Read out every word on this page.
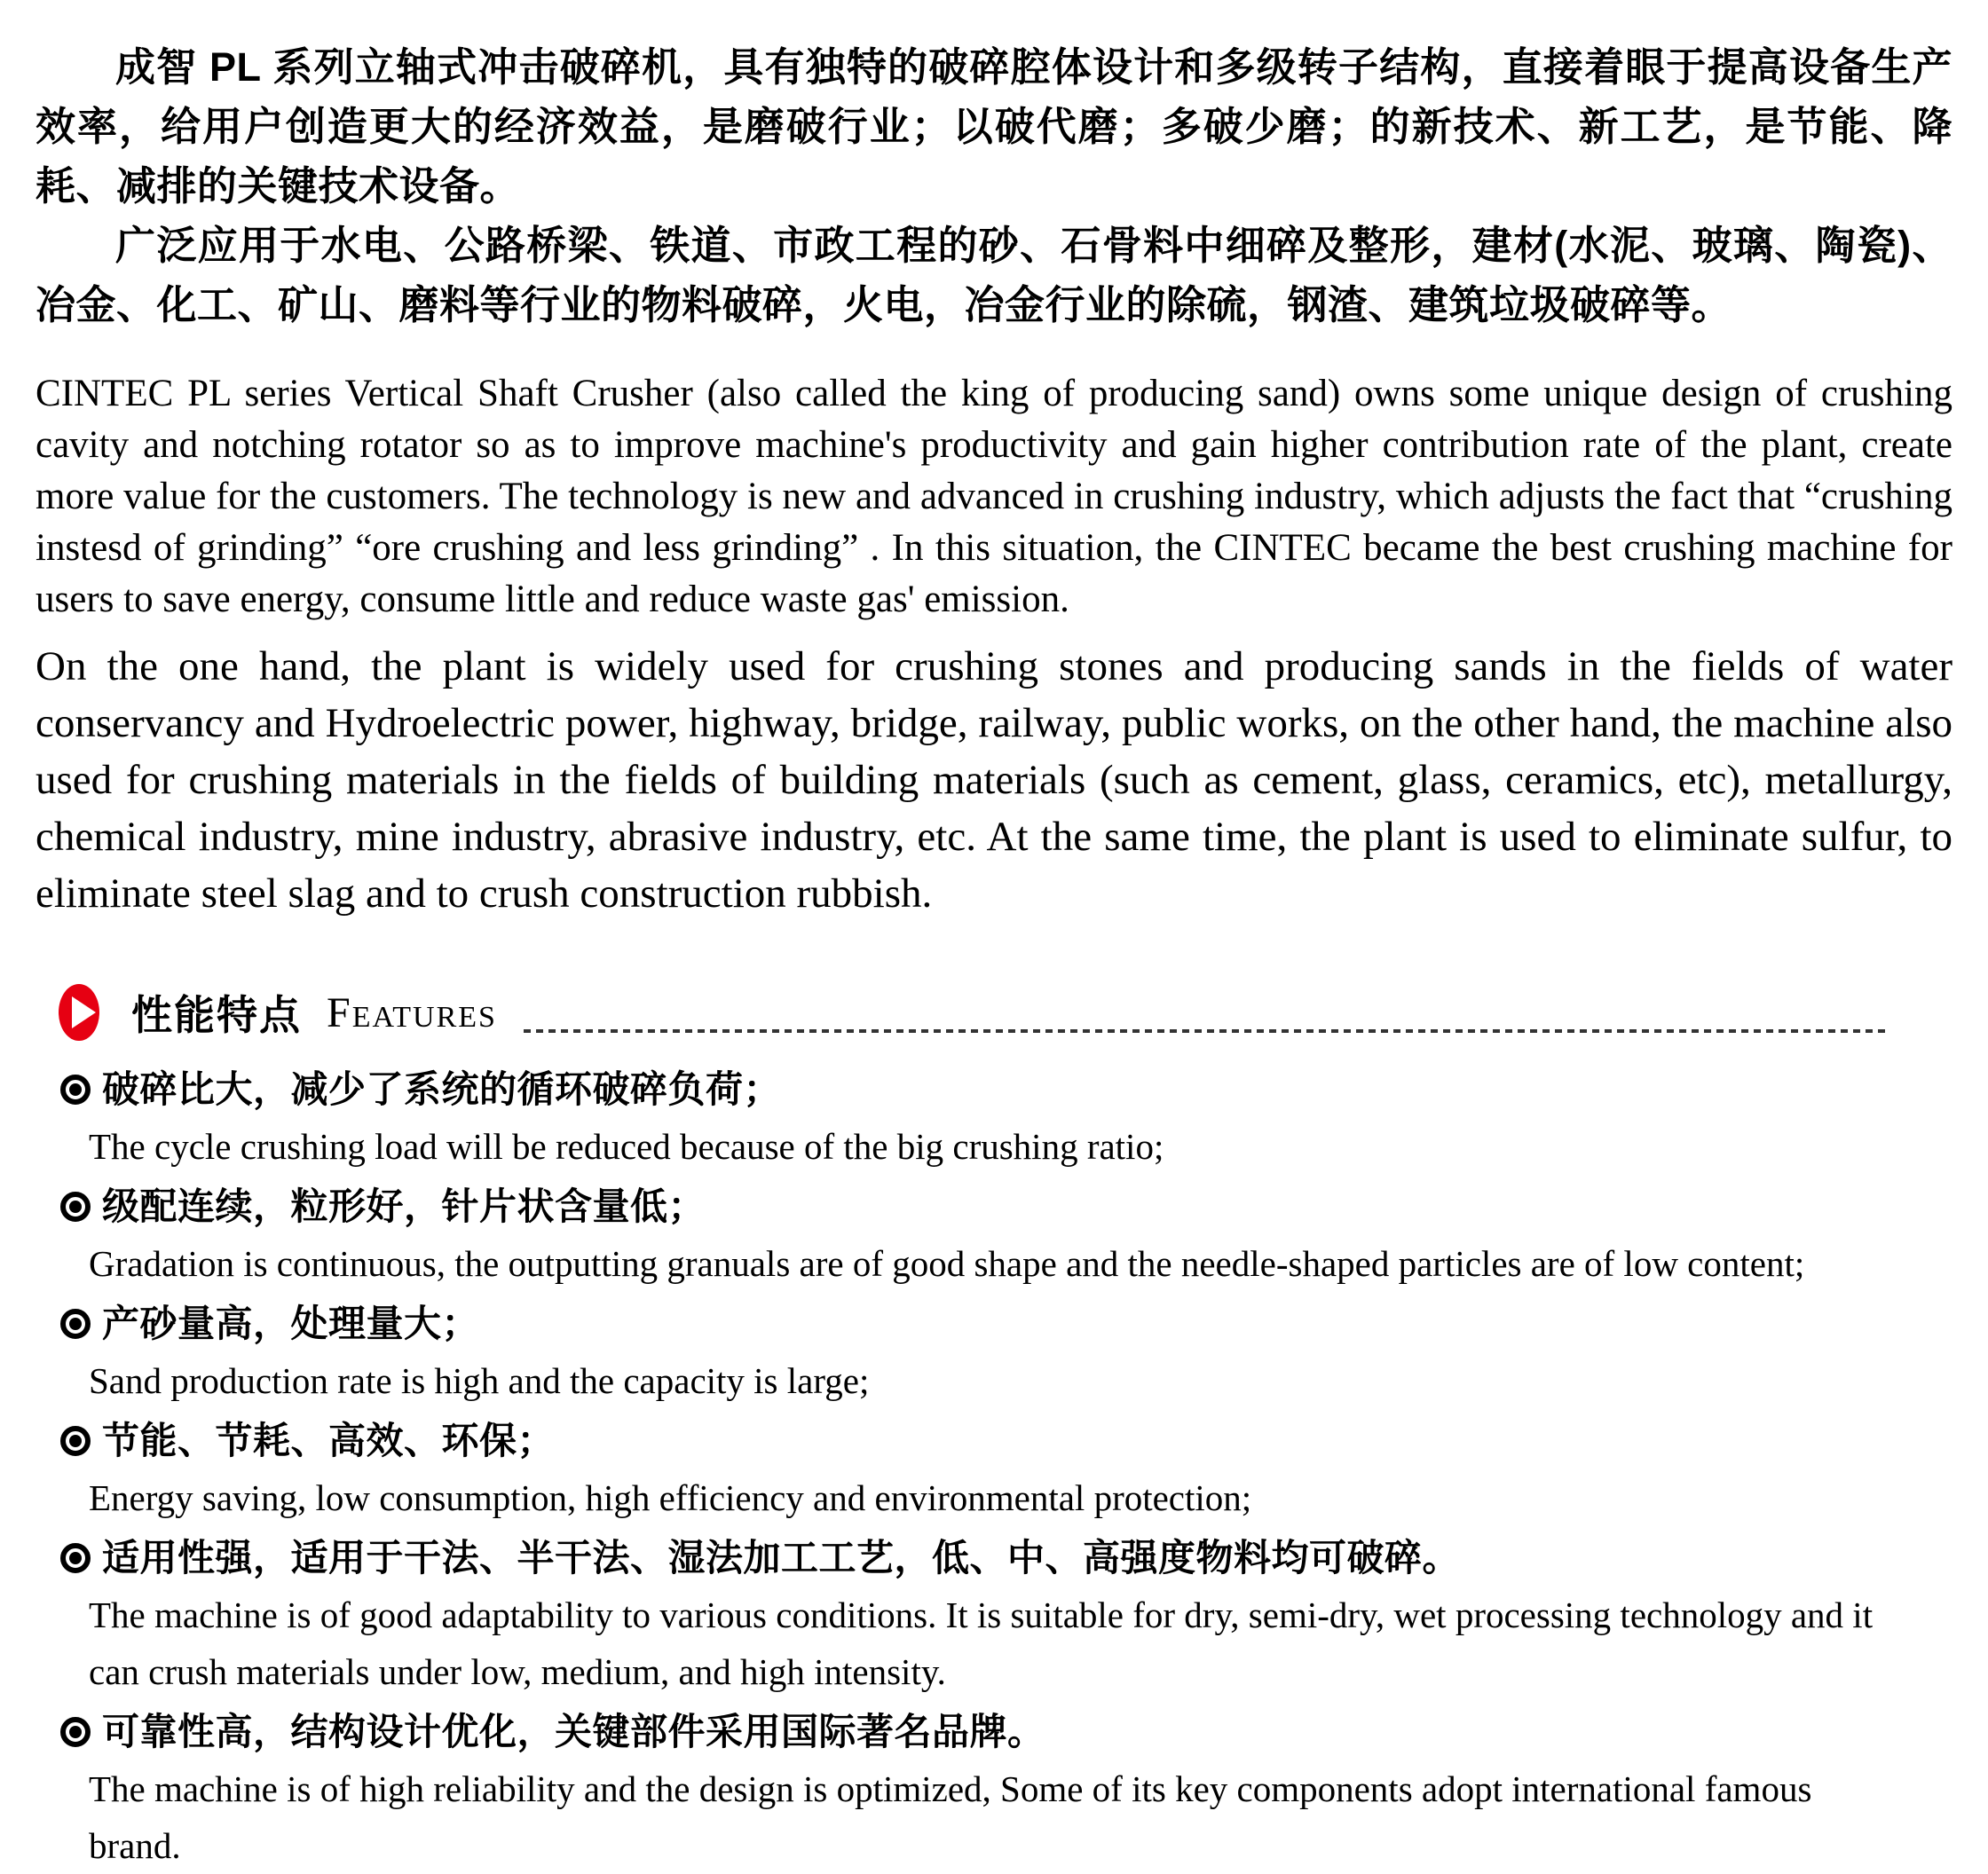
成智 PL 系列立轴式冲击破碎机，具有独特的破碎腔体设计和多级转子结构，直接着眼于提高设备生产效率，给用户创造更大的经济效益，是磨破行业；以破代磨；多破少磨；的新技术、新工艺，是节能、降耗、减排的关键技术设备。

广泛应用于水电、公路桥梁、铁道、市政工程的砂、石骨料中细碎及整形，建材(水泥、玻璃、陶瓷)、冶金、化工、矿山、磨料等行业的物料破碎，火电，冶金行业的除硫，钢渣、建筑垃圾破碎等。

CINTEC PL series Vertical Shaft Crusher (also called the king of producing sand) owns some unique design of crushing cavity and notching rotator so as to improve machine's productivity and gain higher contribution rate of the plant, create more value for the customers. The technology is new and advanced in crushing industry, which adjusts the fact that “crushing instesd of grinding” “ore crushing and less grinding” . In this situation, the CINTEC became the best crushing machine for users to save energy, consume little and reduce waste gas' emission.

On the one hand, the plant is widely used for crushing stones and producing sands in the fields of water conservancy and Hydroelectric power, highway, bridge, railway, public works, on the other hand, the machine also used for crushing materials in the fields of building materials (such as cement, glass, ceramics, etc), metallurgy, chemical industry, mine industry, abrasive industry, etc. At the same time, the plant is used to eliminate sulfur, to eliminate steel slag and to crush construction rubbish.

性能特点 Features
破碎比大，减少了系统的循环破碎负荷；
The cycle crushing load will be reduced because of the big crushing ratio;
级配连续，粒形好，针片状含量低；
Gradation is continuous, the outputting granuals are of good shape and the needle-shaped particles are of low content;
产砂量高，处理量大；
Sand production rate is high and the capacity is large;
节能、节耗、高效、环保；
Energy saving, low consumption, high efficiency and environmental protection;
适用性强，适用于干法、半干法、湿法加工工艺，低、中、高强度物料均可破碎。
The machine is of good adaptability to various conditions. It is suitable for dry, semi-dry, wet processing technology and it can crush materials under low, medium, and high intensity.
可靠性高，结构设计优化，关键部件采用国际著名品牌。
The machine is of high reliability and the design is optimized, Some of its key components adopt international famous brand.
